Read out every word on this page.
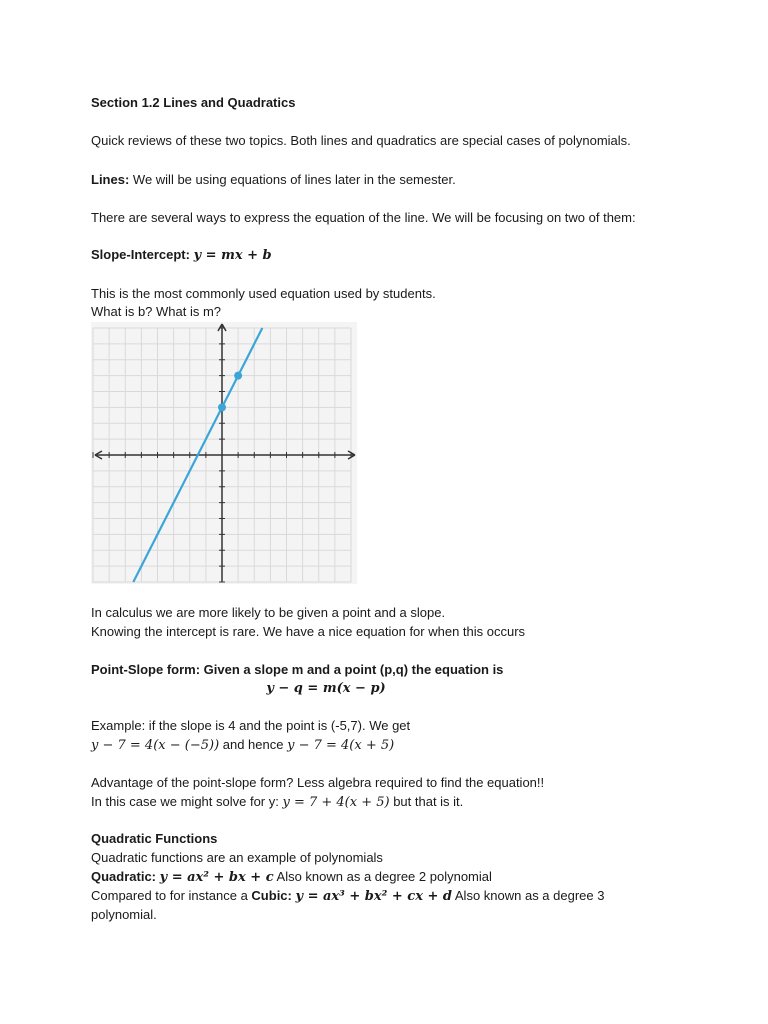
Section 1.2 Lines and Quadratics
Quick reviews of these two topics. Both lines and quadratics are special cases of polynomials.
Lines: We will be using equations of lines later in the semester.
There are several ways to express the equation of the line. We will be focusing on two of them:
Slope-Intercept: y = mx + b
This is the most commonly used equation used by students.
What is b? What is m?
In calculus we are more likely to be given a point and a slope.
Knowing the intercept is rare. We have a nice equation for when this occurs
Point-Slope form: Given a slope m and a point (p,q) the equation is
y − q = m(x − p)
Example: if the slope is 4 and the point is (-5,7). We get
y − 7 = 4(x − (−5)) and hence y − 7 = 4(x + 5)
Advantage of the point-slope form? Less algebra required to find the equation!!
In this case we might solve for y: y = 7 + 4(x + 5) but that is it.
Quadratic Functions
Quadratic functions are an example of polynomials
Quadratic: y = ax² + bx + c Also known as a degree 2 polynomial
Compared to for instance a Cubic: y = ax³ + bx² + cx + d Also known as a degree 3
polynomial.
